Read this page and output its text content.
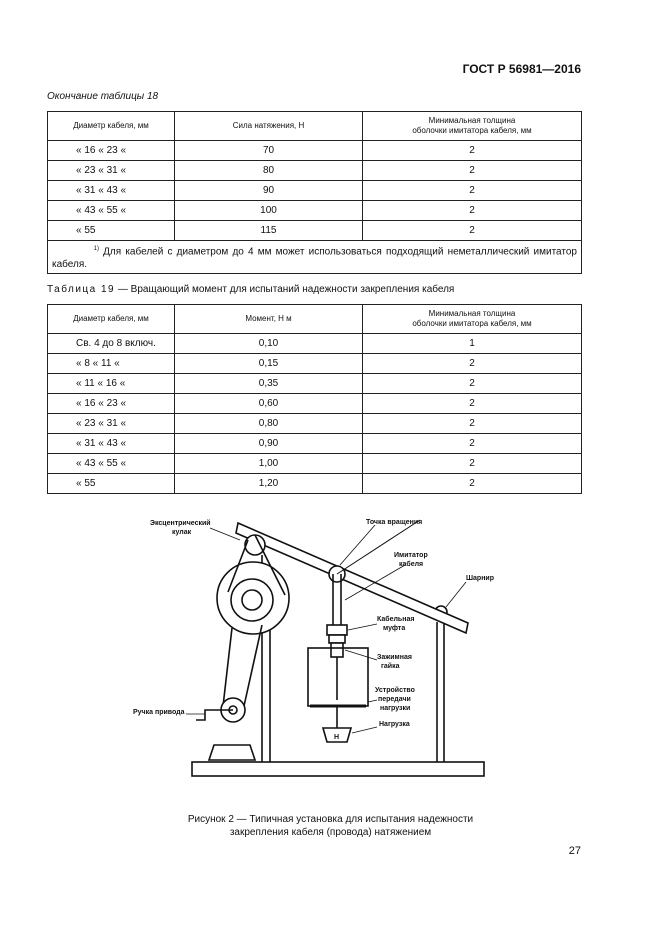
ГОСТ Р 56981—2016
Окончание таблицы 18
Диаметр кабеля, мм	Сила натяжения, Н	Минимальная толщина
оболочки имитатора кабеля, мм
« 16 « 23 «	70	2
« 23 « 31 «	80	2
« 31 « 43 «	90	2
« 43 « 55 «	100	2
« 55	115	2
$^{1)}$ Для кабелей с диаметром до 4 мм может использоваться подходящий неметаллический имитатор кабеля.		
Таблица 19 — Вращающий момент для испытаний надежности закрепления кабеля
Диаметр кабеля, мм	Момент, Н м	Минимальная толщина
оболочки имитатора кабеля, мм
Св. 4 до 8 включ.	0,10	1
« 8 « 11 «	0,15	2
« 11 « 16 «	0,35	2
« 16 « 23 «	0,60	2
« 23 « 31 «	0,80	2
« 31 « 43 «	0,90	2
« 43 « 55 «	1,00	2
« 55	1,20	2
Эксцентрический
кулак
Точка вращения
Имитатор
кабеля
Шарнир
Кабельная
муфта
Зажимная
гайка
Устройство
передачи
нагрузки
Нагрузка
Ручка привода
Н
Рисунок 2 — Типичная установка для испытания надежности
закрепления кабеля (провода) натяжением
27
